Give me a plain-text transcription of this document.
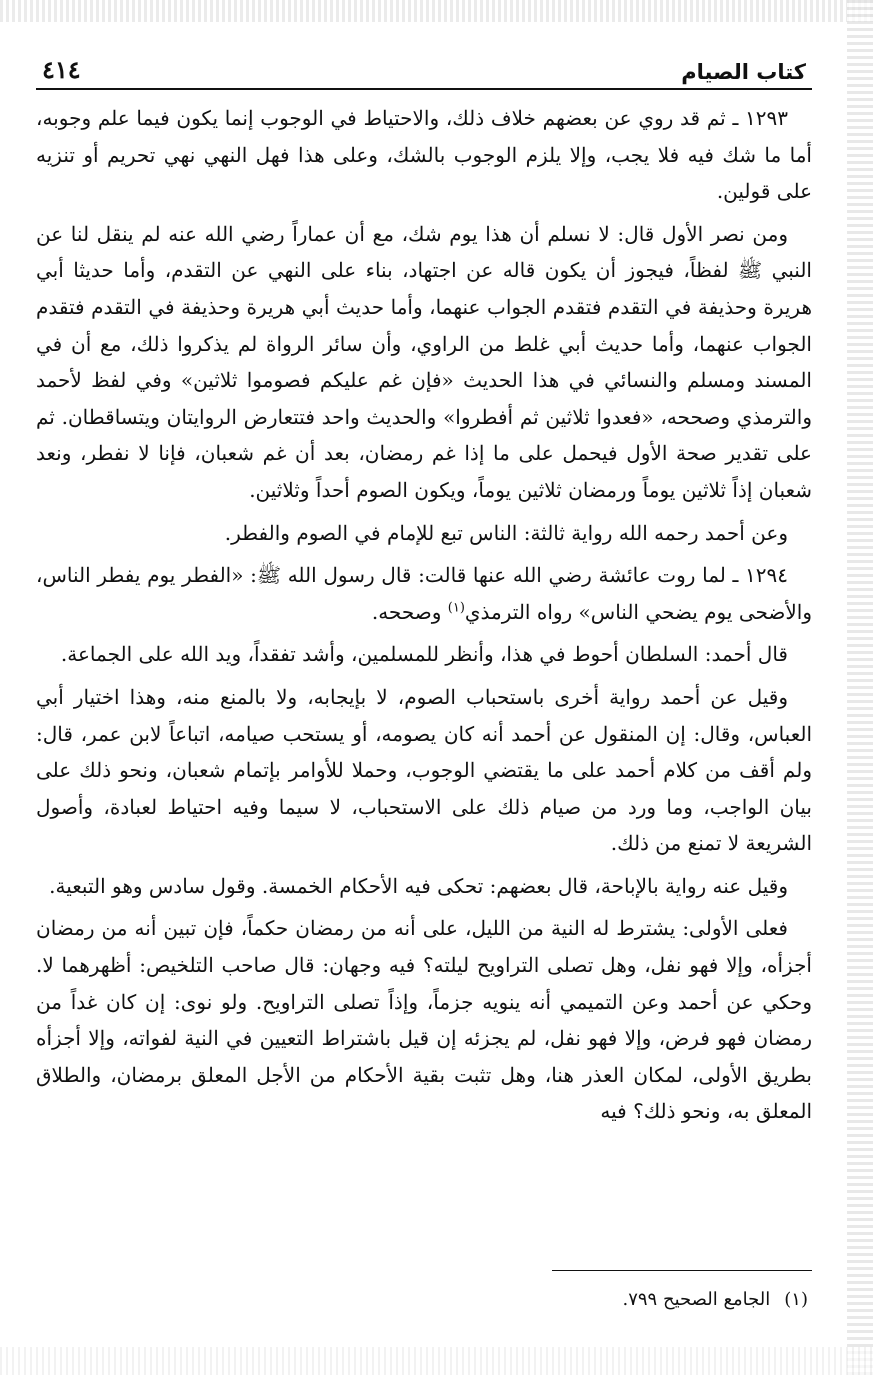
كتاب الصيام
٤١٤

١٢٩٣ ـ ثم قد روي عن بعضهم خلاف ذلك، والاحتياط في الوجوب إنما يكون فيما علم وجوبه، أما ما شك فيه فلا يجب، وإلا يلزم الوجوب بالشك، وعلى هذا فهل النهي نهي تحريم أو تنزيه على قولين.

ومن نصر الأول قال: لا نسلم أن هذا يوم شك، مع أن عماراً رضي الله عنه لم ينقل لنا عن النبي ﷺ لفظاً، فيجوز أن يكون قاله عن اجتهاد، بناء على النهي عن التقدم، وأما حديثا أبي هريرة وحذيفة في التقدم فتقدم الجواب عنهما، وأما حديث أبي هريرة وحذيفة في التقدم فتقدم الجواب عنهما، وأما حديث أبي غلط من الراوي، وأن سائر الرواة لم يذكروا ذلك، مع أن في المسند ومسلم والنسائي في هذا الحديث «فإن غم عليكم فصوموا ثلاثين» وفي لفظ لأحمد والترمذي وصححه، «فعدوا ثلاثين ثم أفطروا» والحديث واحد فتتعارض الروايتان ويتساقطان. ثم على تقدير صحة الأول فيحمل على ما إذا غم رمضان، بعد أن غم شعبان، فإنا لا نفطر، ونعد شعبان إذاً ثلاثين يوماً ورمضان ثلاثين يوماً، ويكون الصوم أحداً وثلاثين.

وعن أحمد رحمه الله رواية ثالثة: الناس تبع للإمام في الصوم والفطر.

١٢٩٤ ـ لما روت عائشة رضي الله عنها قالت: قال رسول الله ﷺ: «الفطر يوم يفطر الناس، والأضحى يوم يضحي الناس» رواه الترمذي$^{(١)}$ وصححه.

قال أحمد: السلطان أحوط في هذا، وأنظر للمسلمين، وأشد تفقداً، ويد الله على الجماعة.

وقيل عن أحمد رواية أخرى باستحباب الصوم، لا بإيجابه، ولا بالمنع منه، وهذا اختيار أبي العباس، وقال: إن المنقول عن أحمد أنه كان يصومه، أو يستحب صيامه، اتباعاً لابن عمر، قال: ولم أقف من كلام أحمد على ما يقتضي الوجوب، وحملا للأوامر بإتمام شعبان، ونحو ذلك على بيان الواجب، وما ورد من صيام ذلك على الاستحباب، لا سيما وفيه احتياط لعبادة، وأصول الشريعة لا تمنع من ذلك.

وقيل عنه رواية بالإباحة، قال بعضهم: تحكى فيه الأحكام الخمسة. وقول سادس وهو التبعية.

فعلى الأولى: يشترط له النية من الليل، على أنه من رمضان حكماً، فإن تبين أنه من رمضان أجزأه، وإلا فهو نفل، وهل تصلى التراويح ليلته؟ فيه وجهان: قال صاحب التلخيص: أظهرهما لا. وحكي عن أحمد وعن التميمي أنه ينويه جزماً، وإذاً تصلى التراويح. ولو نوى: إن كان غداً من رمضان فهو فرض، وإلا فهو نفل، لم يجزئه إن قيل باشتراط التعيين في النية لفواته، وإلا أجزأه بطريق الأولى، لمكان العذر هنا، وهل تثبت بقية الأحكام من الأجل المعلق برمضان، والطلاق المعلق به، ونحو ذلك؟ فيه

(١)الجامع الصحيح ٧٩٩.
